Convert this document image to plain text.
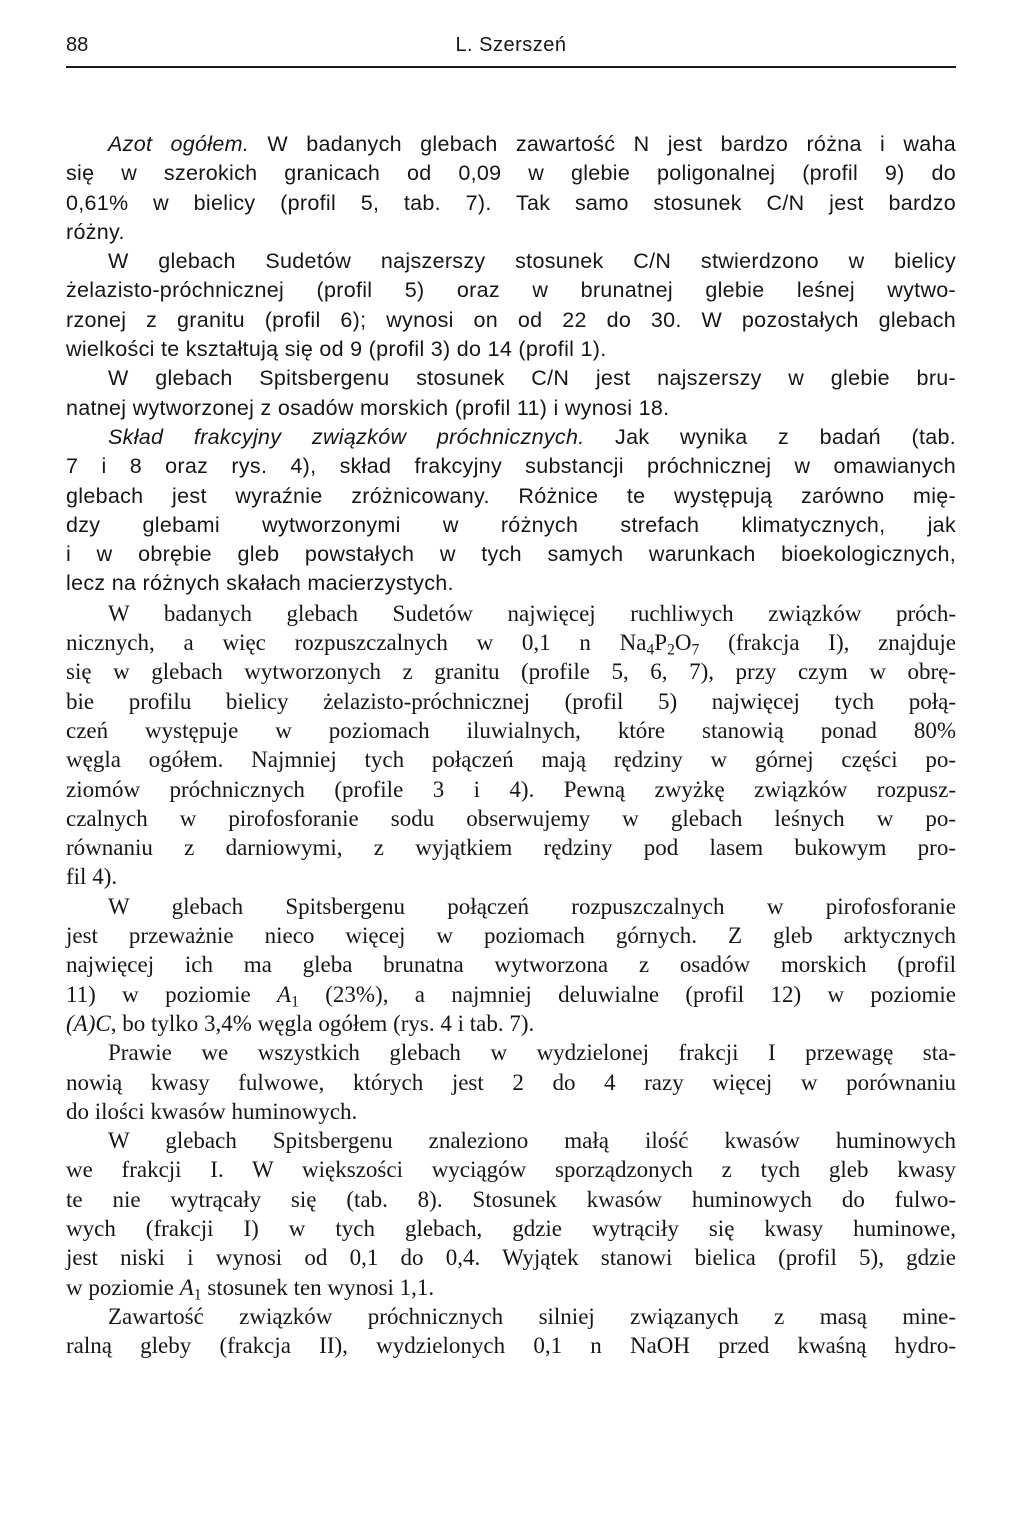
88	L. Szerszeń

Azot ogółem. W badanych glebach zawartość N jest bardzo różna i waha
się w szerokich granicach od 0,09 w glebie poligonalnej (profil 9) do
0,61% w bielicy (profil 5, tab. 7). Tak samo stosunek C/N jest bardzo
różny.

W glebach Sudetów najszerszy stosunek C/N stwierdzono w bielicy
żelazisto-próchnicznej (profil 5) oraz w brunatnej glebie leśnej wytwo-
rzonej z granitu (profil 6); wynosi on od 22 do 30. W pozostałych glebach
wielkości te kształtują się od 9 (profil 3) do 14 (profil 1).

W glebach Spitsbergenu stosunek C/N jest najszerszy w glebie bru-
natnej wytworzonej z osadów morskich (profil 11) i wynosi 18.

Skład frakcyjny związków próchnicznych. Jak wynika z badań (tab.
7 i 8 oraz rys. 4), skład frakcyjny substancji próchnicznej w omawianych
glebach jest wyraźnie zróżnicowany. Różnice te występują zarówno mię-
dzy glebami wytworzonymi w różnych strefach klimatycznych, jak
i w obrębie gleb powstałych w tych samych warunkach bioekologicznych,
lecz na różnych skałach macierzystych.

W badanych glebach Sudetów najwięcej ruchliwych związków próch-
nicznych, a więc rozpuszczalnych w 0,1 n $Na_4P_2O_7$ (frakcja I), znajduje
się w glebach wytworzonych z granitu (profile 5, 6, 7), przy czym w obrę-
bie profilu bielicy żelazisto-próchnicznej (profil 5) najwięcej tych połą-
czeń występuje w poziomach iluwialnych, które stanowią ponad 80%
węgla ogółem. Najmniej tych połączeń mają rędziny w górnej części po-
ziomów próchnicznych (profile 3 i 4). Pewną zwyżkę związków rozpusz-
czalnych w pirofosforanie sodu obserwujemy w glebach leśnych w po-
równaniu z darniowymi, z wyjątkiem rędziny pod lasem bukowym pro-
fil 4).

W glebach Spitsbergenu połączeń rozpuszczalnych w pirofosforanie
jest przeważnie nieco więcej w poziomach górnych. Z gleb arktycznych
najwięcej ich ma gleba brunatna wytworzona z osadów morskich (profil
11) w poziomie $A_1$ (23%), a najmniej deluwialne (profil 12) w poziomie
(A)C, bo tylko 3,4% węgla ogółem (rys. 4 i tab. 7).

Prawie we wszystkich glebach w wydzielonej frakcji I przewagę sta-
nowią kwasy fulwowe, których jest 2 do 4 razy więcej w porównaniu
do ilości kwasów huminowych.

W glebach Spitsbergenu znaleziono małą ilość kwasów huminowych
we frakcji I. W większości wyciągów sporządzonych z tych gleb kwasy
te nie wytrącały się (tab. 8). Stosunek kwasów huminowych do fulwo-
wych (frakcji I) w tych glebach, gdzie wytrąciły się kwasy huminowe,
jest niski i wynosi od 0,1 do 0,4. Wyjątek stanowi bielica (profil 5), gdzie
w poziomie $A_1$ stosunek ten wynosi 1,1.

Zawartość związków próchnicznych silniej związanych z masą mine-
ralną gleby (frakcja II), wydzielonych 0,1 n NaOH przed kwaśną hydro-
